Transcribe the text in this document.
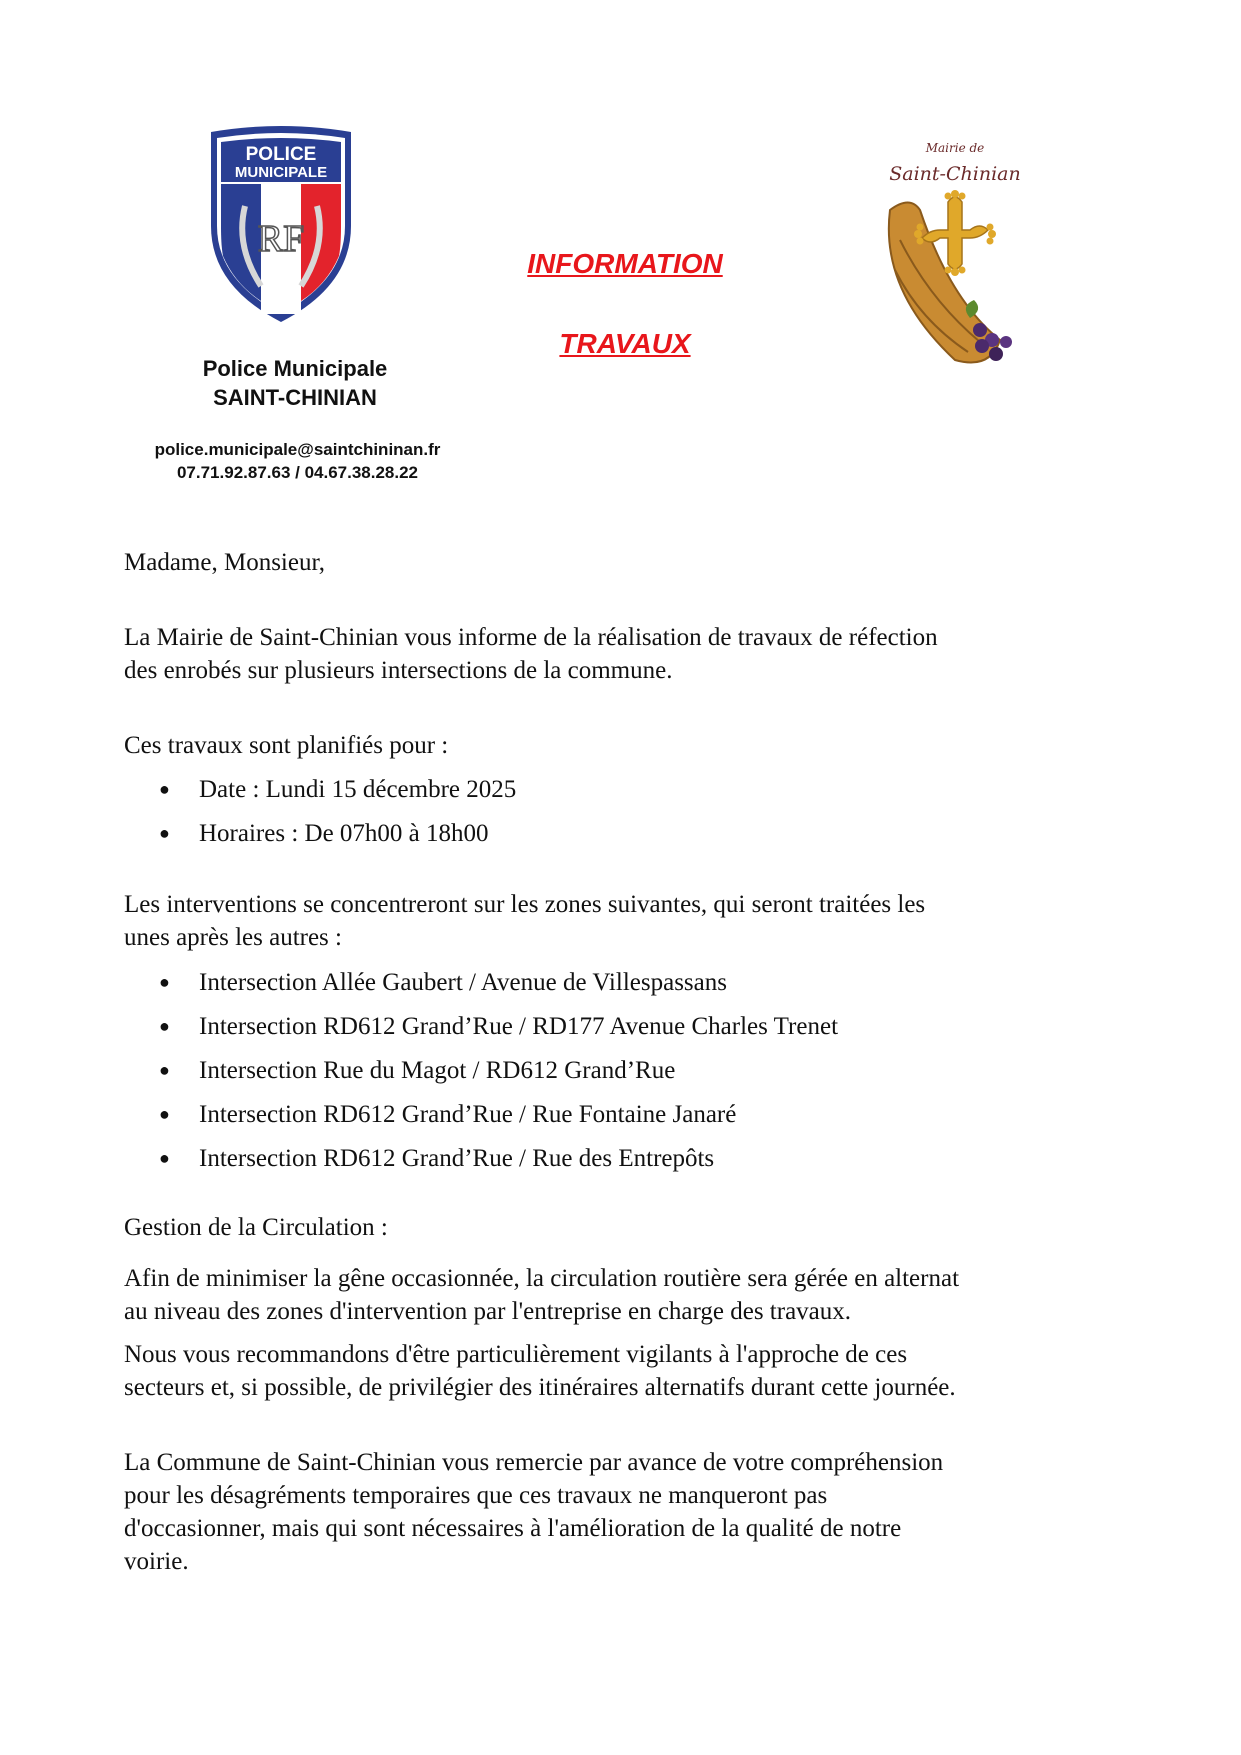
POLICE
MUNICIPALE
RF
Police Municipale
SAINT-CHINIAN
police.municipale@saintchininan.fr
07.71.92.87.63 / 04.67.38.28.22
INFORMATION
TRAVAUX
Mairie de
Saint-Chinian
Madame, Monsieur,
La Mairie de Saint-Chinian vous informe de la réalisation de travaux de réfection
des enrobés sur plusieurs intersections de la commune.
Ces travaux sont planifiés pour :
● Date : Lundi 15 décembre 2025
● Horaires : De 07h00 à 18h00
Les interventions se concentreront sur les zones suivantes, qui seront traitées les
unes après les autres :
● Intersection Allée Gaubert / Avenue de Villespassans
● Intersection RD612 Grand’Rue / RD177 Avenue Charles Trenet
● Intersection Rue du Magot / RD612 Grand’Rue
● Intersection RD612 Grand’Rue / Rue Fontaine Janaré
● Intersection RD612 Grand’Rue / Rue des Entrepôts
Gestion de la Circulation :
Afin de minimiser la gêne occasionnée, la circulation routière sera gérée en alternat
au niveau des zones d'intervention par l'entreprise en charge des travaux.
Nous vous recommandons d'être particulièrement vigilants à l'approche de ces
secteurs et, si possible, de privilégier des itinéraires alternatifs durant cette journée.
La Commune de Saint-Chinian vous remercie par avance de votre compréhension
pour les désagréments temporaires que ces travaux ne manqueront pas
d'occasionner, mais qui sont nécessaires à l'amélioration de la qualité de notre
voirie.
